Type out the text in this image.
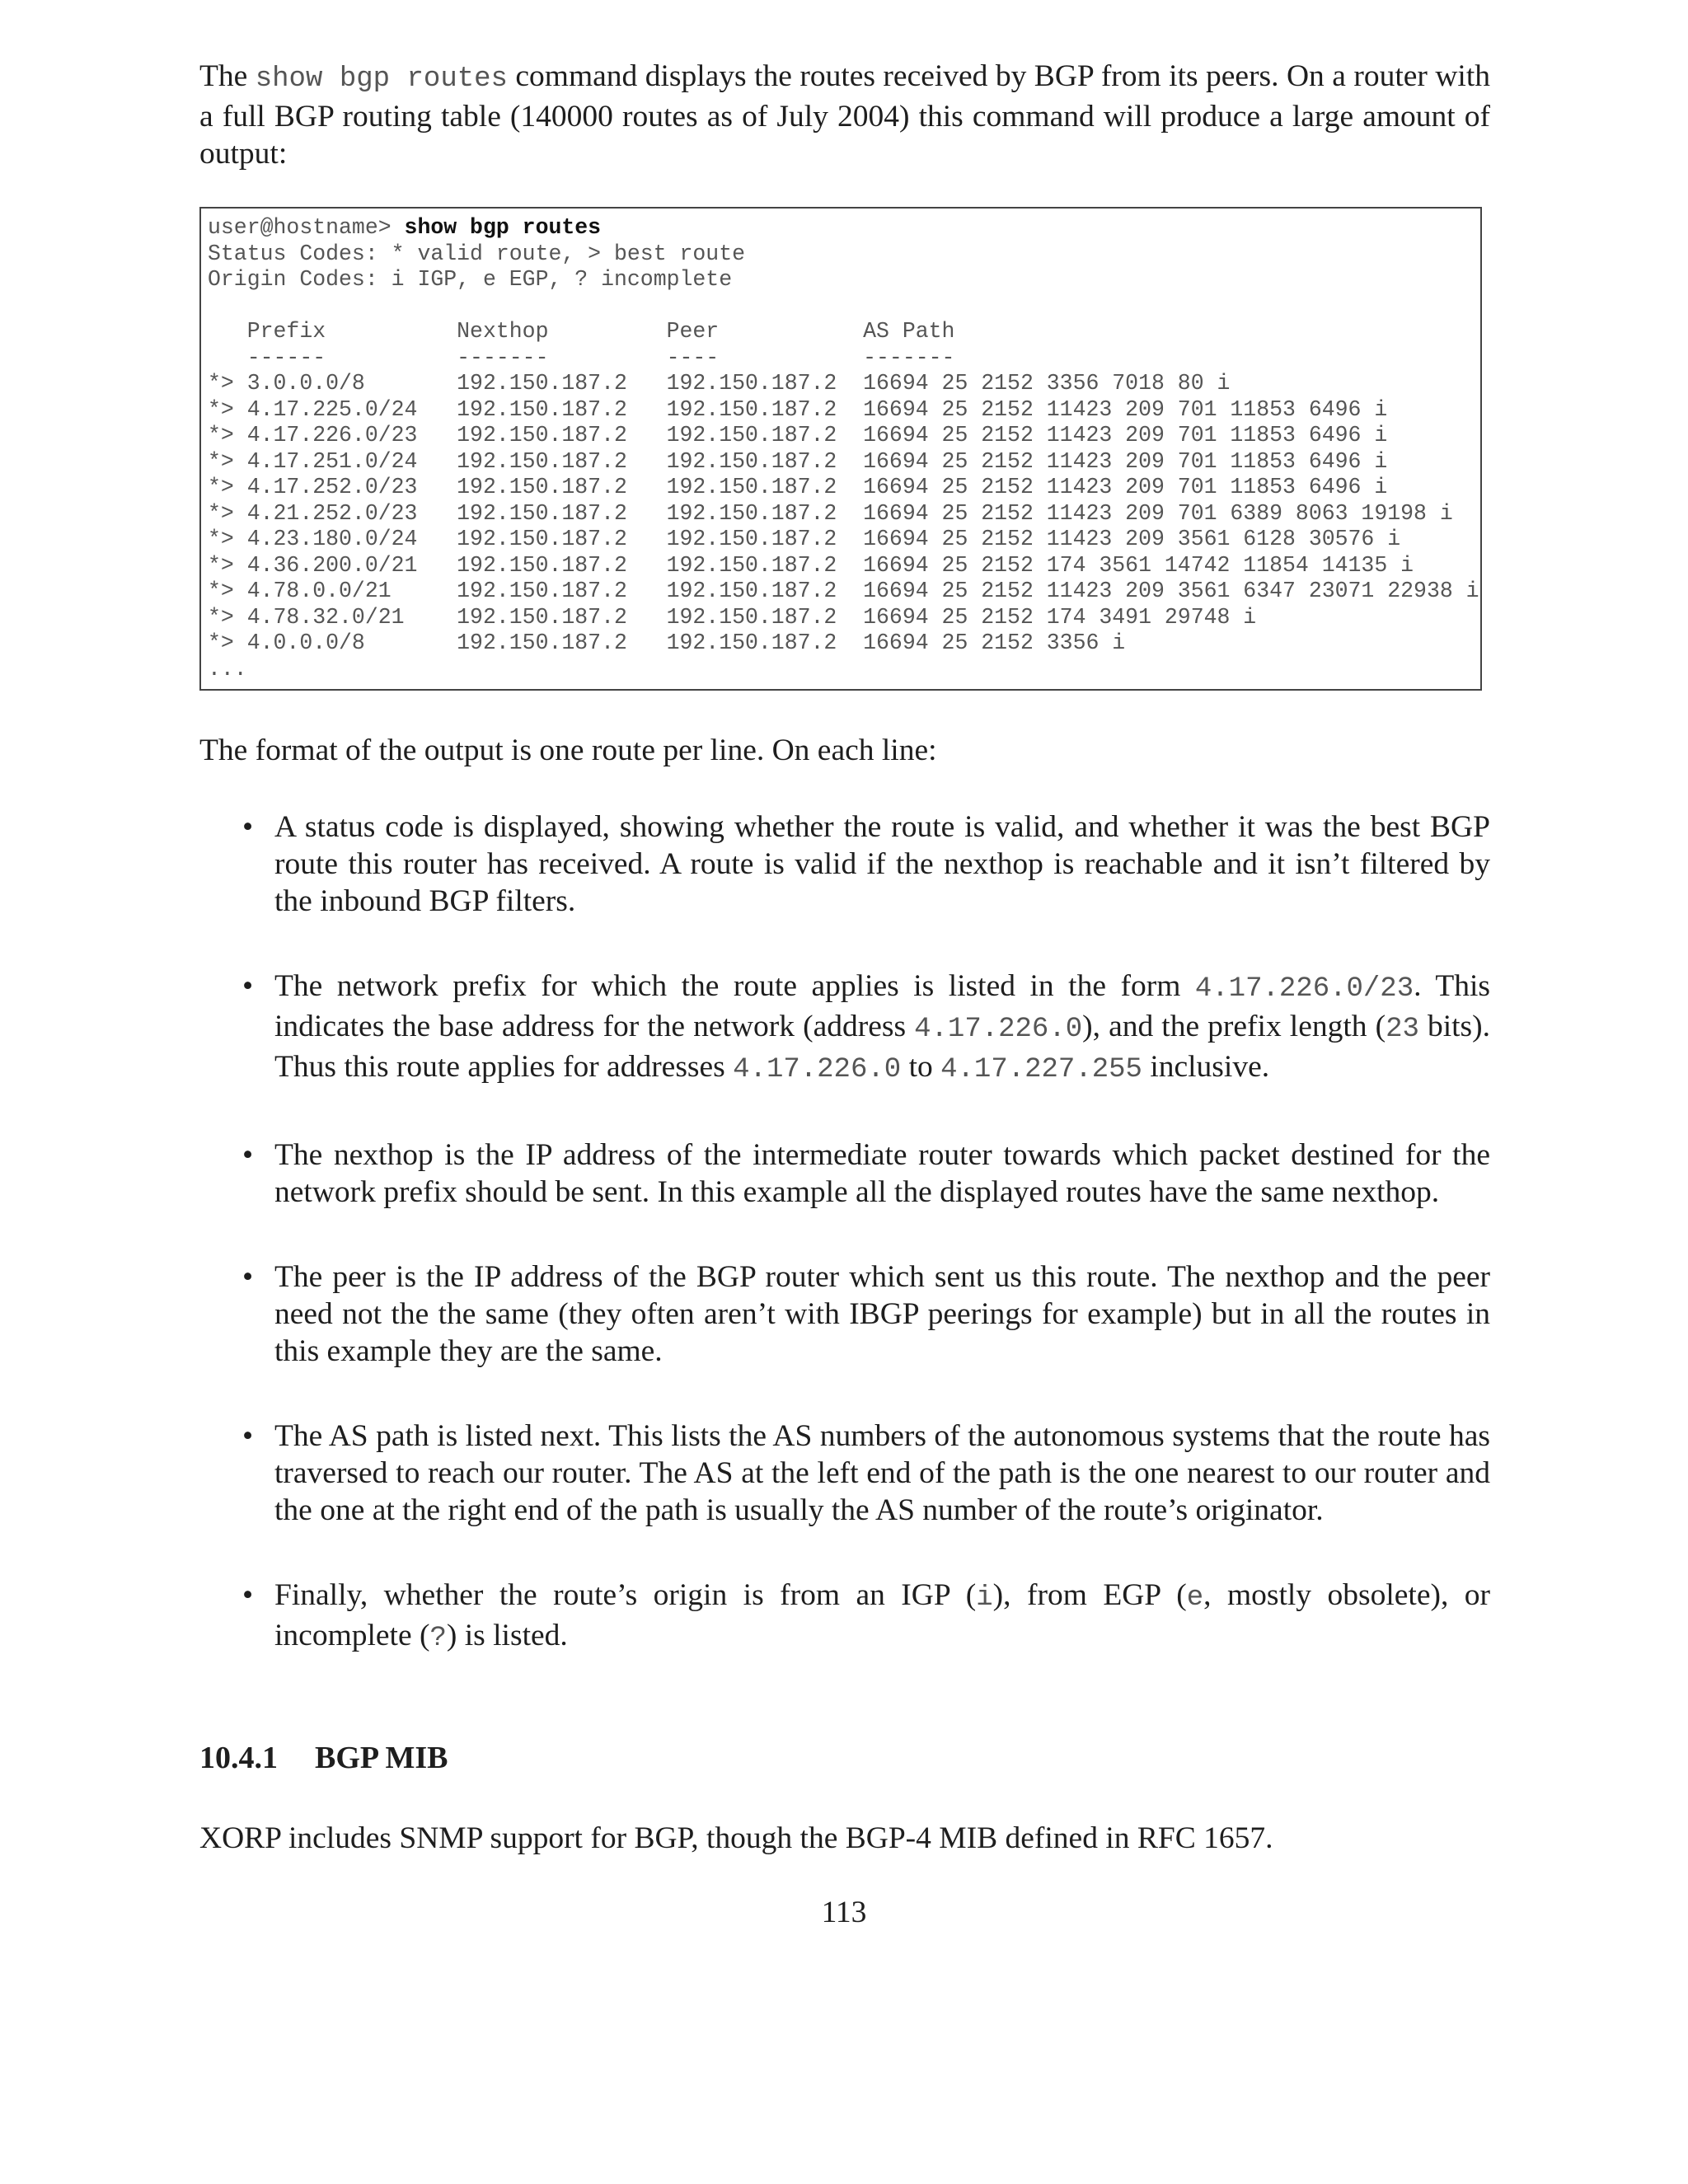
The show bgp routes command displays the routes received by BGP from its peers. On a router with a full BGP routing table (140000 routes as of July 2004) this command will produce a large amount of output:

user@hostname> show bgp routes
Status Codes: * valid route, > best route
Origin Codes: i IGP, e EGP, ? incomplete
Prefix          Nexthop         Peer           AS Path
------          -------         ----           -------
*> 3.0.0.0/8       192.150.187.2   192.150.187.2  16694 25 2152 3356 7018 80 i
*> 4.17.225.0/24   192.150.187.2   192.150.187.2  16694 25 2152 11423 209 701 11853 6496 i
*> 4.17.226.0/23   192.150.187.2   192.150.187.2  16694 25 2152 11423 209 701 11853 6496 i
*> 4.17.251.0/24   192.150.187.2   192.150.187.2  16694 25 2152 11423 209 701 11853 6496 i
*> 4.17.252.0/23   192.150.187.2   192.150.187.2  16694 25 2152 11423 209 701 11853 6496 i
*> 4.21.252.0/23   192.150.187.2   192.150.187.2  16694 25 2152 11423 209 701 6389 8063 19198 i
*> 4.23.180.0/24   192.150.187.2   192.150.187.2  16694 25 2152 11423 209 3561 6128 30576 i
*> 4.36.200.0/21   192.150.187.2   192.150.187.2  16694 25 2152 174 3561 14742 11854 14135 i
*> 4.78.0.0/21     192.150.187.2   192.150.187.2  16694 25 2152 11423 209 3561 6347 23071 22938 i
*> 4.78.32.0/21    192.150.187.2   192.150.187.2  16694 25 2152 174 3491 29748 i
*> 4.0.0.0/8       192.150.187.2   192.150.187.2  16694 25 2152 3356 i
...

The format of the output is one route per line. On each line:

• A status code is displayed, showing whether the route is valid, and whether it was the best BGP route this router has received. A route is valid if the nexthop is reachable and it isn’t filtered by the inbound BGP filters.
• The network prefix for which the route applies is listed in the form 4.17.226.0/23. This indicates the base address for the network (address 4.17.226.0), and the prefix length (23 bits). Thus this route applies for addresses 4.17.226.0 to 4.17.227.255 inclusive.
• The nexthop is the IP address of the intermediate router towards which packet destined for the network prefix should be sent. In this example all the displayed routes have the same nexthop.
• The peer is the IP address of the BGP router which sent us this route. The nexthop and the peer need not the the same (they often aren’t with IBGP peerings for example) but in all the routes in this example they are the same.
• The AS path is listed next. This lists the AS numbers of the autonomous systems that the route has traversed to reach our router. The AS at the left end of the path is the one nearest to our router and the one at the right end of the path is usually the AS number of the route’s originator.
• Finally, whether the route’s origin is from an IGP (i), from EGP (e, mostly obsolete), or incomplete (?) is listed.
10.4.1 BGP MIB

XORP includes SNMP support for BGP, though the BGP-4 MIB defined in RFC 1657.

113
